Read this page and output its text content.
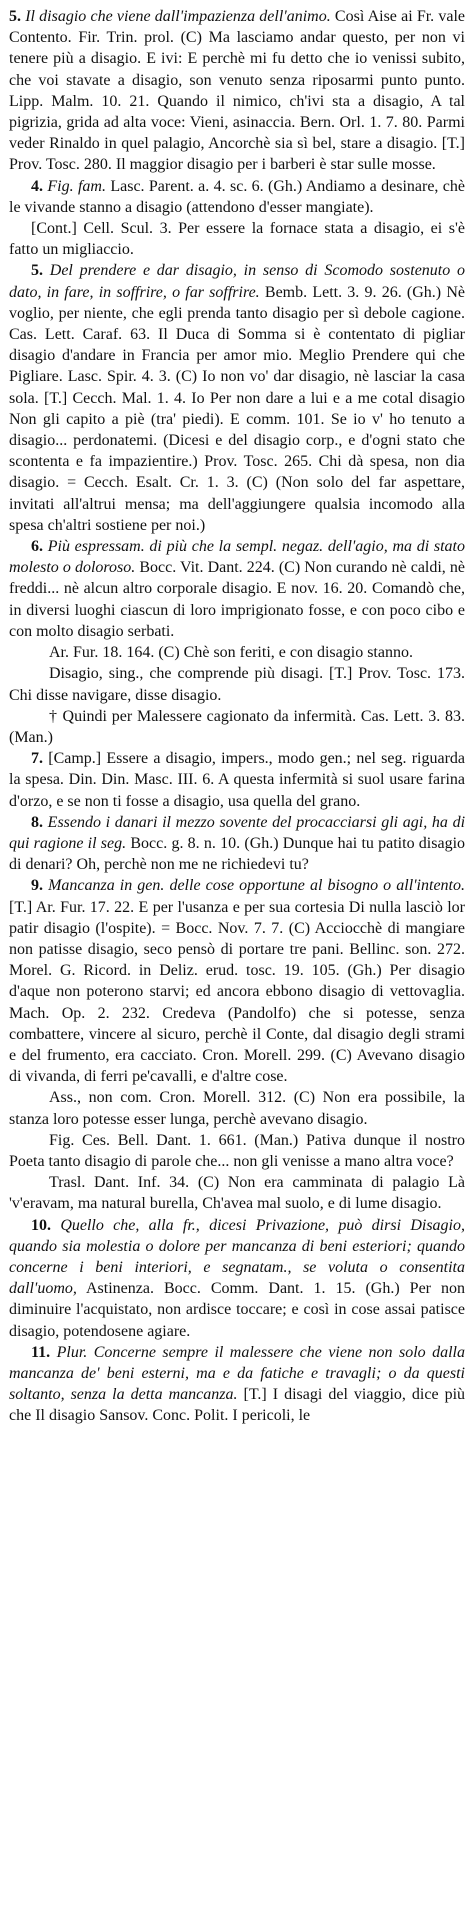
5. Il disagio che viene dall'impazienza dell'animo. Così Aise ai Fr. vale Contento. Fir. Trin. prol. (C) Ma lasciamo andar questo, per non vi tenere più a disagio. E ivi: E perchè mi fu detto che io venissi subito, che voi stavate a disagio, son venuto senza riposarmi punto punto. Lipp. Malm. 10. 21. Quando il nimico, ch'ivi sta a disagio, A tal pigrizia, grida ad alta voce: Vieni, asinaccia. Bern. Orl. 1. 7. 80. Parmi veder Rinaldo in quel palagio, Ancorchè sia sì bel, stare a disagio. [T.] Prov. Tosc. 280. Il maggior disagio per i barberi è star sulle mosse.

4. Fig. fam. Lasc. Parent. a. 4. sc. 6. (Gh.) Andiamo a desinare, chè le vivande stanno a disagio (attendono d'esser mangiate).

[Cont.] Cell. Scul. 3. Per essere la fornace stata a disagio, ei s'è fatto un migliaccio.

5. Del prendere e dar disagio, in senso di Scomodo sostenuto o dato, in fare, in soffrire, o far soffrire. Bemb. Lett. 3. 9. 26. (Gh.) Nè voglio, per niente, che egli prenda tanto disagio per sì debole cagione. Cas. Lett. Caraf. 63. Il Duca di Somma si è contentato di pigliar disagio d'andare in Francia per amor mio. Meglio Prendere qui che Pigliare. Lasc. Spir. 4. 3. (C) Io non vo' dar disagio, nè lasciar la casa sola. [T.] Cecch. Mal. 1. 4. Io Per non dare a lui e a me cotal disagio Non gli capito a piè (tra' piedi). E comm. 101. Se io v' ho tenuto a disagio... perdonatemi. (Dicesi e del disagio corp., e d'ogni stato che scontenta e fa impazientire.) Prov. Tosc. 265. Chi dà spesa, non dia disagio. = Cecch. Esalt. Cr. 1. 3. (C) (Non solo del far aspettare, invitati all'altrui mensa; ma dell'aggiungere qualsia incomodo alla spesa ch'altri sostiene per noi.)

6. Più espressam. di più che la sempl. negaz. dell'agio, ma di stato molesto o doloroso. Bocc. Vit. Dant. 224. (C) Non curando nè caldi, nè freddi... nè alcun altro corporale disagio. E nov. 16. 20. Comandò che, in diversi luoghi ciascun di loro imprigionato fosse, e con poco cibo e con molto disagio serbati.

Ar. Fur. 18. 164. (C) Chè son feriti, e con disagio stanno.

Disagio, sing., che comprende più disagi. [T.] Prov. Tosc. 173. Chi disse navigare, disse disagio.

† Quindi per Malessere cagionato da infermità. Cas. Lett. 3. 83. (Man.)

7. [Camp.] Essere a disagio, impers., modo gen.; nel seg. riguarda la spesa. Din. Din. Masc. III. 6. A questa infermità si suol usare farina d'orzo, e se non ti fosse a disagio, usa quella del grano.

8. Essendo i danari il mezzo sovente del procacciarsi gli agi, ha di qui ragione il seg. Bocc. g. 8. n. 10. (Gh.) Dunque hai tu patito disagio di denari? Oh, perchè non me ne richiedevi tu?

9. Mancanza in gen. delle cose opportune al bisogno o all'intento. [T.] Ar. Fur. 17. 22. E per l'usanza e per sua cortesia Di nulla lasciò lor patir disagio (l'ospite). = Bocc. Nov. 7. 7. (C) Acciocchè di mangiare non patisse disagio, seco pensò di portare tre pani. Bellinc. son. 272. Morel. G. Ricord. in Deliz. erud. tosc. 19. 105. (Gh.) Per disagio d'aque non poterono starvi; ed ancora ebbono disagio di vettovaglia. Mach. Op. 2. 232. Credeva (Pandolfo) che si potesse, senza combattere, vincere al sicuro, perchè il Conte, dal disagio degli strami e del frumento, era cacciato. Cron. Morell. 299. (C) Avevano disagio di vivanda, di ferri pe'cavalli, e d'altre cose.

Ass., non com. Cron. Morell. 312. (C) Non era possibile, la stanza loro potesse esser lunga, perchè avevano disagio.

Fig. Ces. Bell. Dant. 1. 661. (Man.) Pativa dunque il nostro Poeta tanto disagio di parole che... non gli venisse a mano altra voce?

Trasl. Dant. Inf. 34. (C) Non era camminata di palagio Là 'v'eravam, ma natural burella, Ch'avea mal suolo, e di lume disagio.

10. Quello che, alla fr., dicesi Privazione, può dirsi Disagio, quando sia molestia o dolore per mancanza di beni esteriori; quando concerne i beni interiori, e segnatam., se voluta o consentita dall'uomo, Astinenza. Bocc. Comm. Dant. 1. 15. (Gh.) Per non diminuire l'acquistato, non ardisce toccare; e così in cose assai patisce disagio, potendosene agiare.

11. Plur. Concerne sempre il malessere che viene non solo dalla mancanza de' beni esterni, ma e da fatiche e travagli; o da questi soltanto, senza la detta mancanza. [T.] I disagi del viaggio, dice più che Il disagio Sansov. Conc. Polit. I pericoli, le
